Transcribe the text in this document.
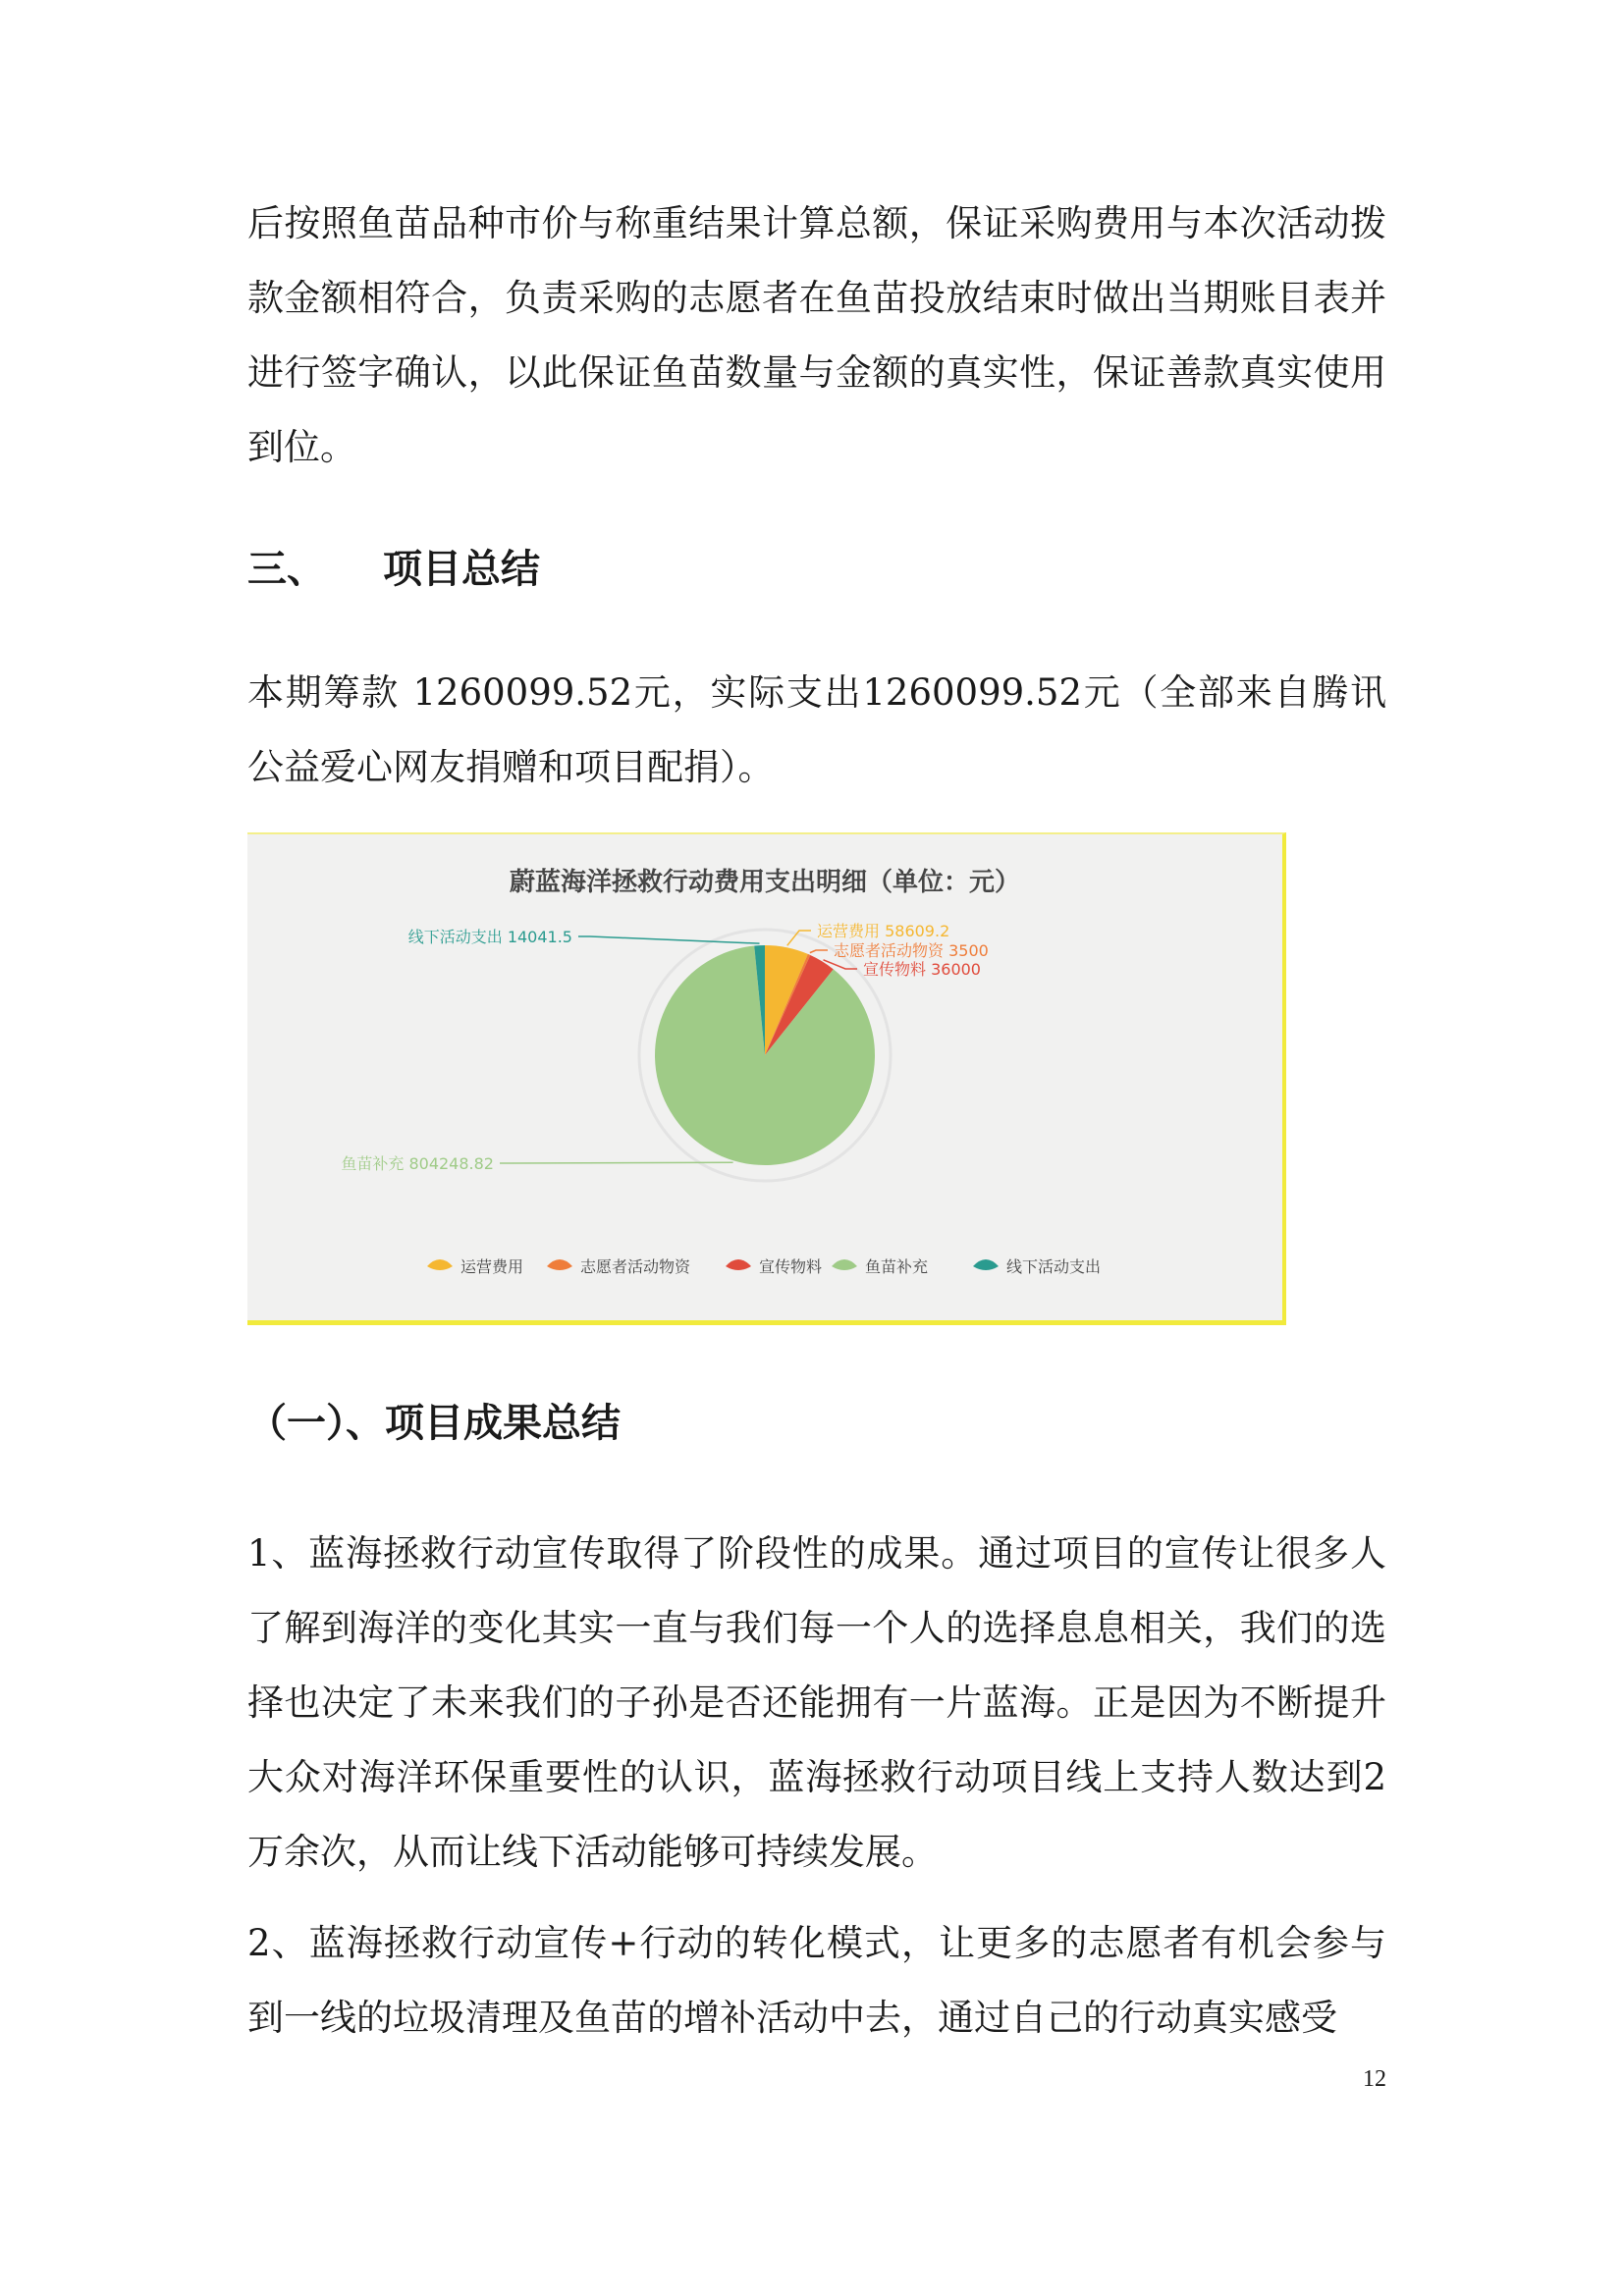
后按照鱼苗品种市价与称重结果计算总额，保证采购费用与本次活动拨款金额相符合，负责采购的志愿者在鱼苗投放结束时做出当期账目表并进行签字确认，以此保证鱼苗数量与金额的真实性，保证善款真实使用到位。

三、 项目总结

本期筹款 1260099.52元，实际支出1260099.52元（全部来自腾讯公益爱心网友捐赠和项目配捐）。

蔚蓝海洋拯救行动费用支出明细（单位：元）
运营费用 58609.2
志愿者活动物资 3500
宣传物料 36000
鱼苗补充 804248.82
线下活动支出 14041.5
运营费用	志愿者活动物资	宣传物料	鱼苗补充	线下活动支出
（一）、项目成果总结

1、蓝海拯救行动宣传取得了阶段性的成果。通过项目的宣传让很多人了解到海洋的变化其实一直与我们每一个人的选择息息相关，我们的选择也决定了未来我们的子孙是否还能拥有一片蓝海。正是因为不断提升大众对海洋环保重要性的认识，蓝海拯救行动项目线上支持人数达到2万余次，从而让线下活动能够可持续发展。

2、蓝海拯救行动宣传+行动的转化模式，让更多的志愿者有机会参与到一线的垃圾清理及鱼苗的增补活动中去，通过自己的行动真实感受

12
